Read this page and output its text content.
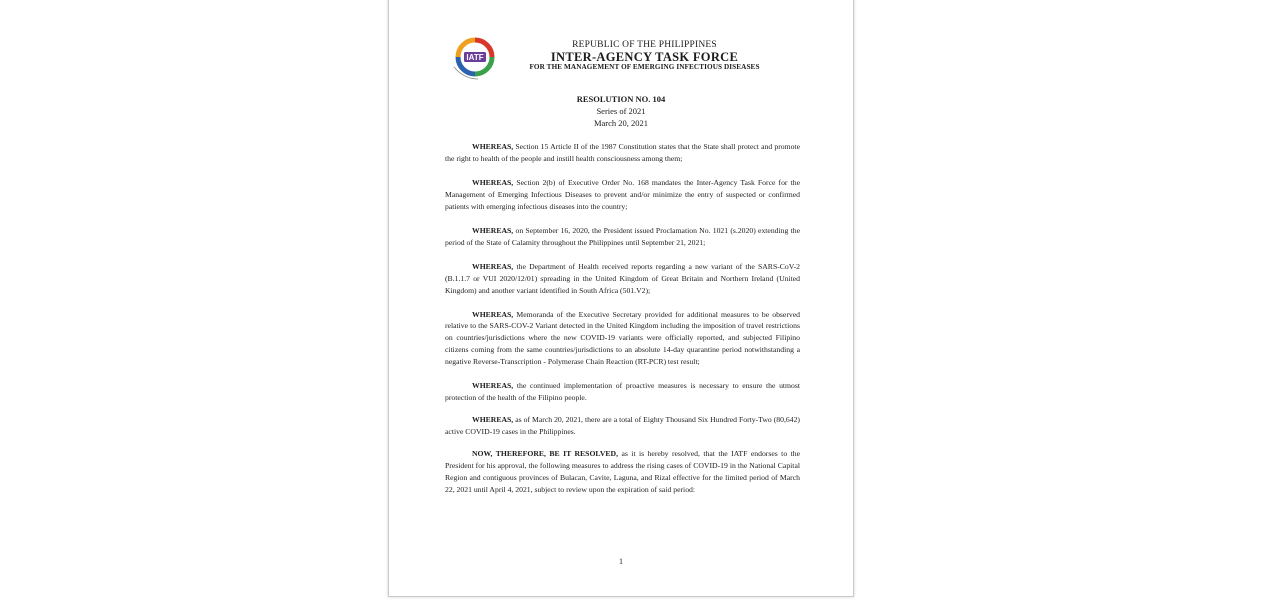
IATF
REPUBLIC OF THE PHILIPPINES
INTER-AGENCY TASK FORCE
FOR THE MANAGEMENT OF EMERGING INFECTIOUS DISEASES
RESOLUTION NO. 104
Series of 2021
March 20, 2021

WHEREAS, Section 15 Article II of the 1987 Constitution states that the State shall protect and promote the right to health of the people and instill health consciousness among them;

WHEREAS, Section 2(b) of Executive Order No. 168 mandates the Inter-Agency Task Force for the Management of Emerging Infectious Diseases to prevent and/or minimize the entry of suspected or confirmed patients with emerging infectious diseases into the country;

WHEREAS, on September 16, 2020, the President issued Proclamation No. 1021 (s.2020) extending the period of the State of Calamity throughout the Philippines until September 21, 2021;

WHEREAS, the Department of Health received reports regarding a new variant of the SARS-CoV-2 (B.1.1.7 or VUI 2020/12/01) spreading in the United Kingdom of Great Britain and Northern Ireland (United Kingdom) and another variant identified in South Africa (501.V2);

WHEREAS, Memoranda of the Executive Secretary provided for additional measures to be observed relative to the SARS-COV-2 Variant detected in the United Kingdom including the imposition of travel restrictions on countries/jurisdictions where the new COVID-19 variants were officially reported, and subjected Filipino citizens coming from the same countries/jurisdictions to an absolute 14-day quarantine period notwithstanding a negative Reverse-Transcription - Polymerase Chain Reaction (RT-PCR) test result;

WHEREAS, the continued implementation of proactive measures is necessary to ensure the utmost protection of the health of the Filipino people.

WHEREAS, as of March 20, 2021, there are a total of Eighty Thousand Six Hundred Forty-Two (80,642) active COVID-19 cases in the Philippines.

NOW, THEREFORE, BE IT RESOLVED, as it is hereby resolved, that the IATF endorses to the President for his approval, the following measures to address the rising cases of COVID-19 in the National Capital Region and contiguous provinces of Bulacan, Cavite, Laguna, and Rizal effective for the limited period of March 22, 2021 until April 4, 2021, subject to review upon the expiration of said period:

1
